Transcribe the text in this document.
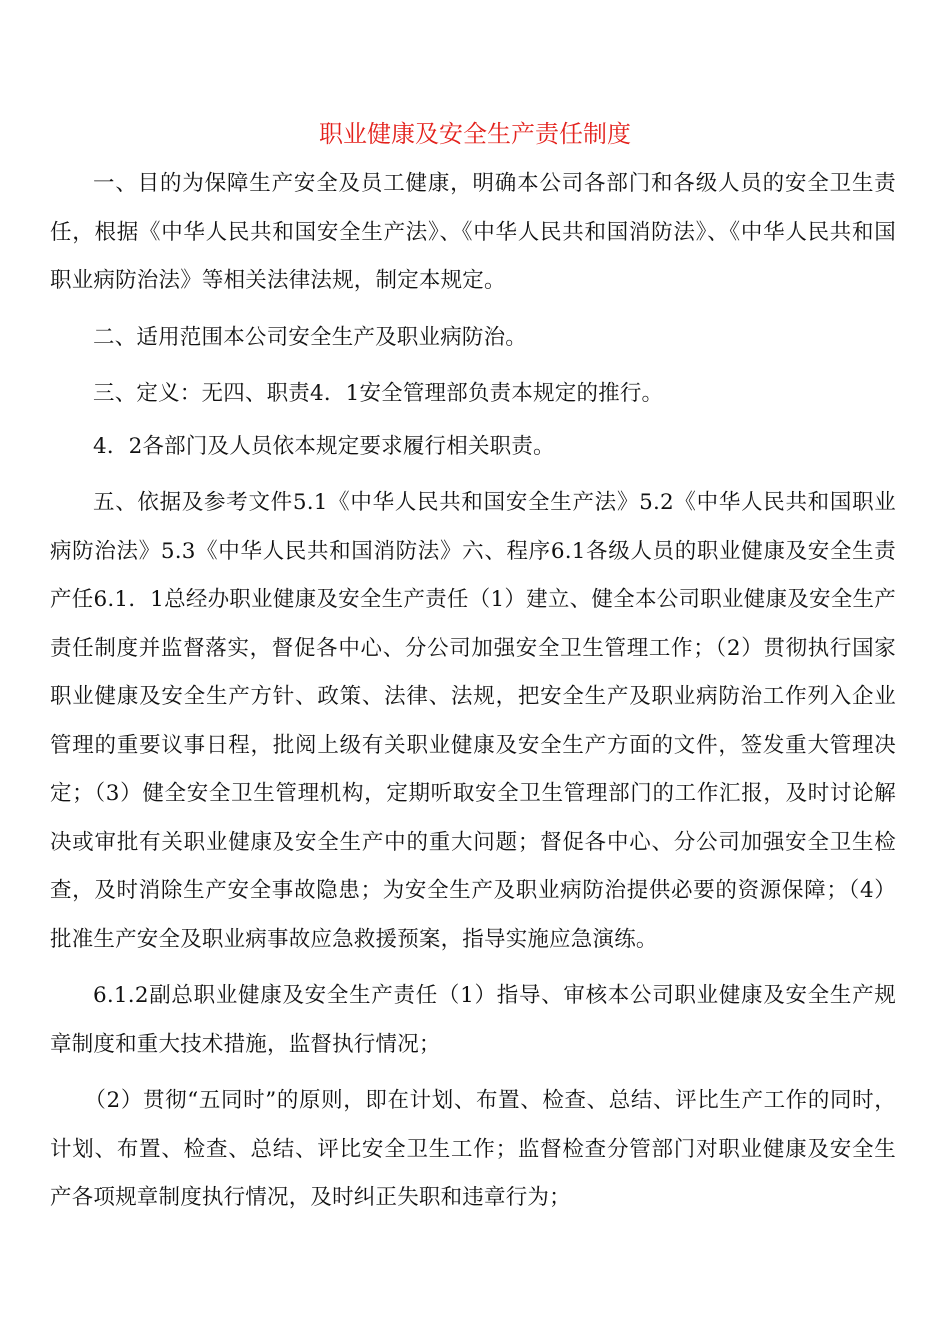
职业健康及安全生产责任制度

一、目的为保障生产安全及员工健康，明确本公司各部门和各级人员的安全卫生责任，根据《中华人民共和国安全生产法》、《中华人民共和国消防法》、《中华人民共和国职业病防治法》等相关法律法规，制定本规定。

二、适用范围本公司安全生产及职业病防治。

三、定义：无四、职责4．1安全管理部负责本规定的推行。

4．2各部门及人员依本规定要求履行相关职责。

五、依据及参考文件5.1《中华人民共和国安全生产法》5.2《中华人民共和国职业病防治法》5.3《中华人民共和国消防法》六、程序6.1各级人员的职业健康及安全生责产任6.1．1总经办职业健康及安全生产责任（1）建立、健全本公司职业健康及安全生产责任制度并监督落实，督促各中心、分公司加强安全卫生管理工作；（2）贯彻执行国家职业健康及安全生产方针、政策、法律、法规，把安全生产及职业病防治工作列入企业管理的重要议事日程，批阅上级有关职业健康及安全生产方面的文件，签发重大管理决定；（3）健全安全卫生管理机构，定期听取安全卫生管理部门的工作汇报，及时讨论解决或审批有关职业健康及安全生产中的重大问题；督促各中心、分公司加强安全卫生检查，及时消除生产安全事故隐患；为安全生产及职业病防治提供必要的资源保障；（4）批准生产安全及职业病事故应急救援预案，指导实施应急演练。

6.1.2副总职业健康及安全生产责任（1）指导、审核本公司职业健康及安全生产规章制度和重大技术措施，监督执行情况；

（2）贯彻“五同时”的原则，即在计划、布置、检查、总结、评比生产工作的同时，计划、布置、检查、总结、评比安全卫生工作；监督检查分管部门对职业健康及安全生产各项规章制度执行情况，及时纠正失职和违章行为；
